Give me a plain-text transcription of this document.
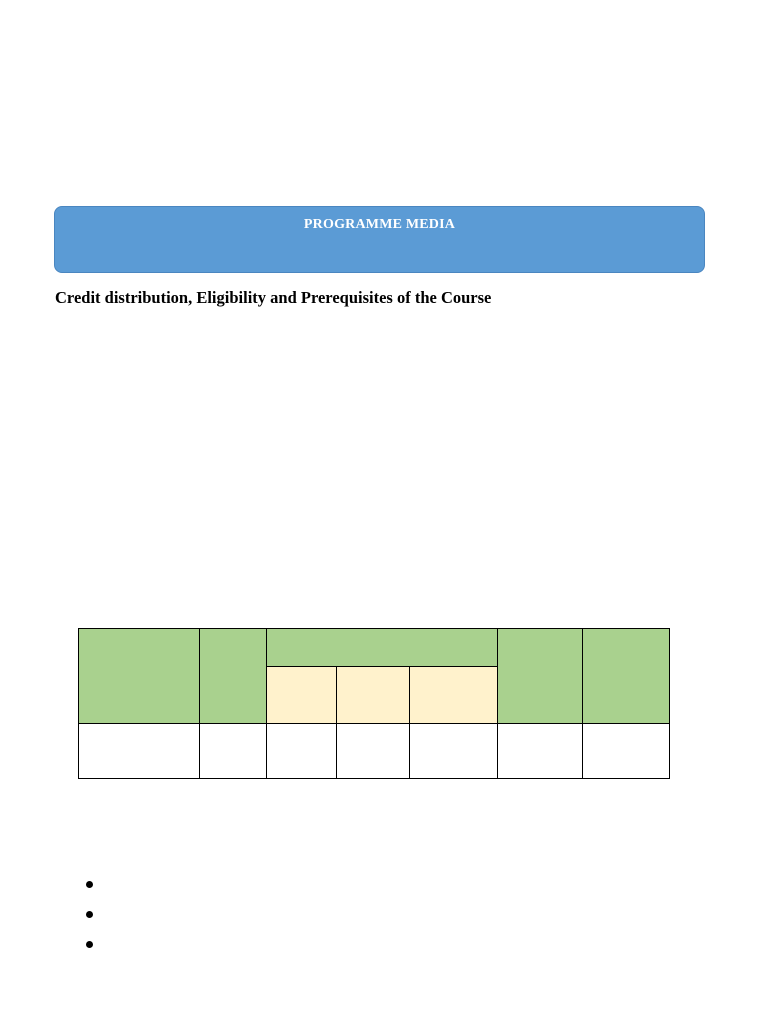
PROGRAMME MEDIA
Credit distribution, Eligibility and Prerequisites of the Course
